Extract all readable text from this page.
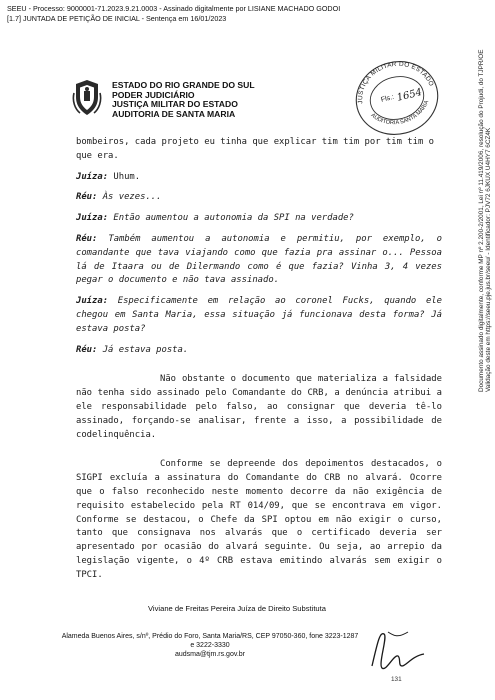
SEEU - Processo: 9000001-71.2023.9.21.0003 - Assinado digitalmente por LISIANE MACHADO GODOI
[1.7] JUNTADA DE PETIÇÃO DE INICIAL - Sentença em 16/01/2023
Documento assinado digitalmente, conforme MP nº 2.200-2/2001, Lei nº 11.419/2006, resolução do Projudi, do TJPR/OE Validação deste em https://seeu.pje.jus.br/seeu/ - Identificador: PJV72 6JKUX U4HY7 6CZ4K
ESTADO DO RIO GRANDE DO SUL
PODER JUDICIÁRIO
JUSTIÇA MILITAR DO ESTADO
AUDITORIA DE SANTA MARIA
JUSTIÇA MILITAR DO ESTADO
AUDITORIA SANTA MARIA
Fls.: 1654

bombeiros, cada projeto eu tinha que explicar tim tim por tim tim o que era.

Juíza: Uhum.

Réu: Às vezes...

Juíza: Então aumentou a autonomia da SPI na verdade?

Réu: Também aumentou a autonomia e permitiu, por exemplo, o comandante que tava viajando como que fazia pra assinar o... Pessoa lá de Itaara ou de Dilermando como é que fazia? Vinha 3, 4 vezes pegar o documento e não tava assinado.

Juíza: Especificamente em relação ao coronel Fucks, quando ele chegou em Santa Maria, essa situação já funcionava desta forma? Já estava posta?

Réu: Já estava posta.

Não obstante o documento que materializa a falsidade não tenha sido assinado pelo Comandante do CRB, a denúncia atribui a ele responsabilidade pelo falso, ao consignar que deveria tê-lo assinado, forçando-se analisar, frente a isso, a possibilidade de codelinquência.

Conforme se depreende dos depoimentos destacados, o SIGPI excluía a assinatura do Comandante do CRB no alvará. Ocorre que o falso reconhecido neste momento decorre da não exigência de requisito estabelecido pela RT 014/09, que se encontrava em vigor. Conforme se destacou, o Chefe da SPI optou em não exigir o curso, tanto que consignava nos alvarás que o certificado deveria ser apresentado por ocasião do alvará seguinte. Ou seja, ao arrepio da legislação vigente, o 4º CRB estava emitindo alvarás sem exigir o TPCI.

Viviane de Freitas Pereira Juíza de Direito Substituta
Alameda Buenos Aires, s/nº, Prédio do Foro, Santa Maria/RS, CEP 97050-360, fone 3223-1287 e 3222-3330
audsma@tjm.rs.gov.br
131
